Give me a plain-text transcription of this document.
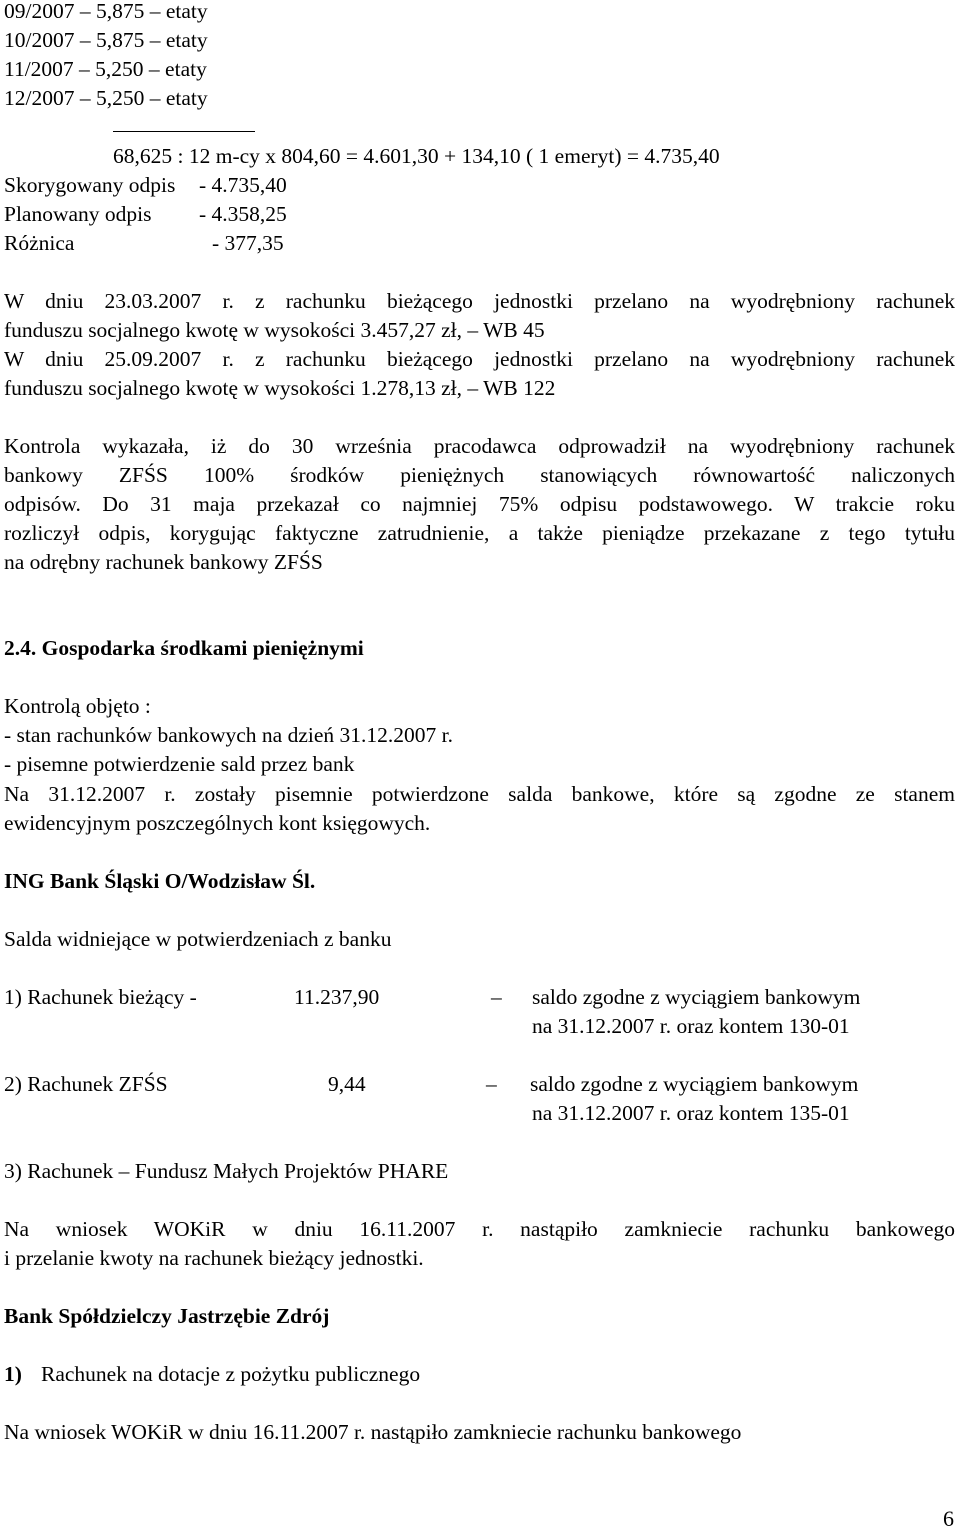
09/2007 – 5,875 – etaty
10/2007 – 5,875 – etaty
11/2007 – 5,250 – etaty
12/2007 – 5,250 – etaty
68,625 : 12 m-cy x 804,60 = 4.601,30 + 134,10 ( 1 emeryt) = 4.735,40
Skorygowany odpis - 4.735,40
Planowany odpis - 4.358,25
Różnica	- 377,35
W dniu 23.03.2007 r. z rachunku bieżącego jednostki przelano na wyodrębniony rachunek
funduszu socjalnego kwotę w wysokości 3.457,27 zł, – WB 45
W dniu 25.09.2007 r. z rachunku bieżącego jednostki przelano na wyodrębniony rachunek
funduszu socjalnego kwotę w wysokości 1.278,13 zł, – WB 122
Kontrola wykazała, iż do 30 września pracodawca odprowadził na wyodrębniony rachunek
bankowy ZFŚS 100% środków pieniężnych stanowiących równowartość naliczonych
odpisów. Do 31 maja przekazał co najmniej 75% odpisu podstawowego. W trakcie roku
rozliczył odpis, korygując faktyczne zatrudnienie, a także pieniądze przekazane z tego tytułu
na odrębny rachunek bankowy ZFŚS
2.4. Gospodarka środkami pieniężnymi
Kontrolą objęto :
- stan rachunków bankowych na dzień 31.12.2007 r.
- pisemne potwierdzenie sald przez bank
Na 31.12.2007 r. zostały pisemnie potwierdzone salda bankowe, które są zgodne ze stanem
ewidencyjnym poszczególnych kont księgowych.
ING Bank Śląski O/Wodzisław Śl.
Salda widniejące w potwierdzeniach z banku
1) Rachunek bieżący -	11.237,90	– saldo zgodne z wyciągiem bankowym
na 31.12.2007 r. oraz kontem 130-01
2) Rachunek ZFŚS	9,44	– saldo zgodne z wyciągiem bankowym
na 31.12.2007 r. oraz kontem 135-01
3) Rachunek – Fundusz Małych Projektów PHARE
Na wniosek WOKiR w dniu 16.11.2007 r. nastąpiło zamkniecie rachunku bankowego
i przelanie kwoty na rachunek bieżący jednostki.
Bank Spółdzielczy Jastrzębie Zdrój
1) Rachunek na dotacje z pożytku publicznego
Na wniosek WOKiR w dniu 16.11.2007 r. nastąpiło zamkniecie rachunku bankowego
6
